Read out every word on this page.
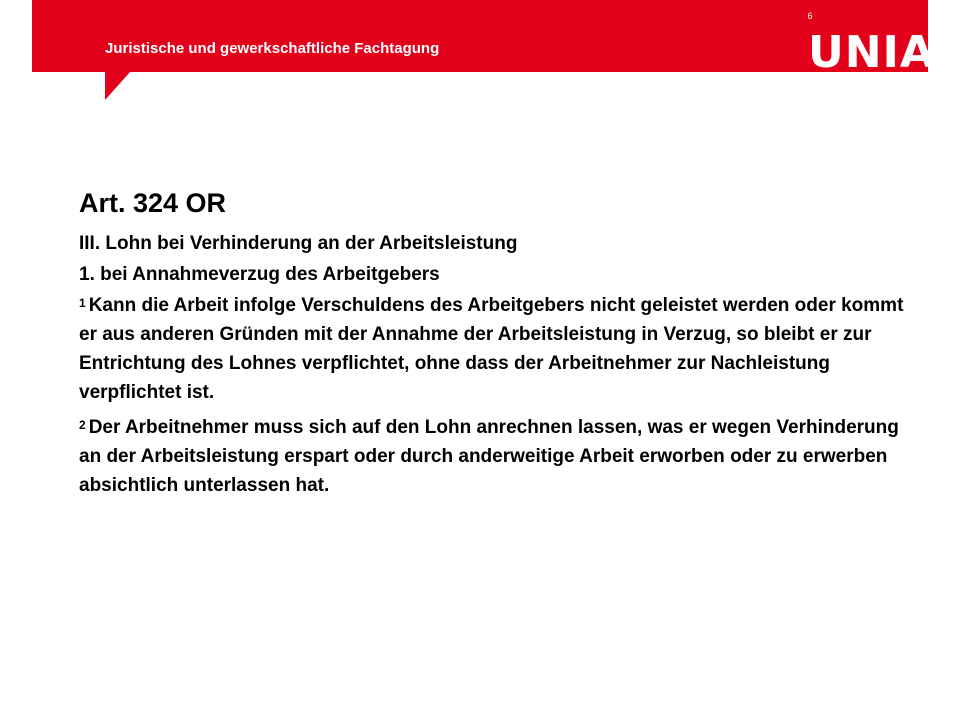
Juristische und gewerkschaftliche Fachtagung
6
UNIA
Art. 324 OR
III. Lohn bei Verhinderung an der Arbeitsleistung
1. bei Annahmeverzug des Arbeitgebers
$^1$ Kann die Arbeit infolge Verschuldens des Arbeitgebers nicht geleistet werden oder kommt er aus anderen Gründen mit der Annahme der Arbeitsleistung in Verzug, so bleibt er zur Entrichtung des Lohnes verpflichtet, ohne dass der Arbeitnehmer zur Nachleistung verpflichtet ist.
$^2$ Der Arbeitnehmer muss sich auf den Lohn anrechnen lassen, was er wegen Verhinderung an der Arbeitsleistung erspart oder durch anderweitige Arbeit erworben oder zu erwerben absichtlich unterlassen hat.
